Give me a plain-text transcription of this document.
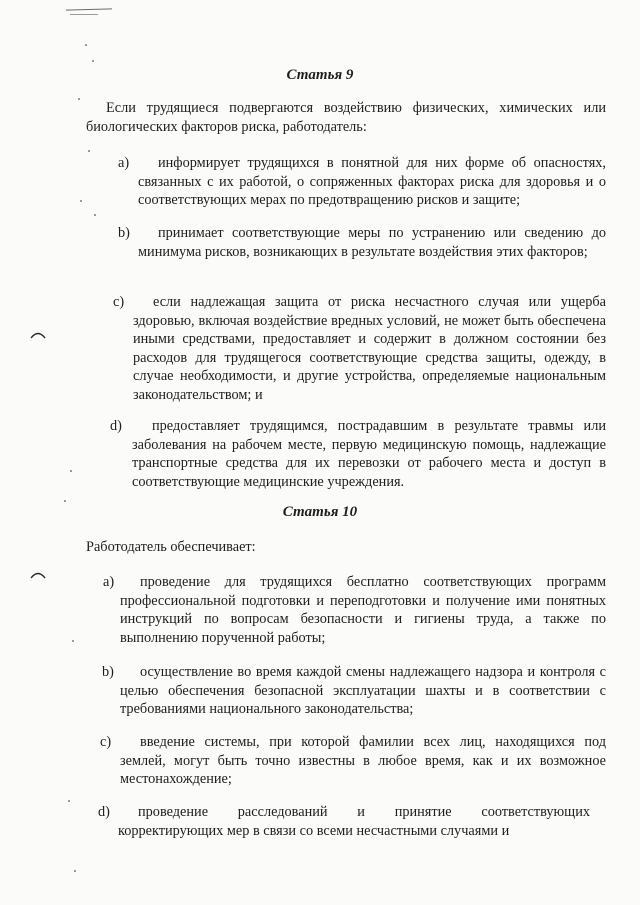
Статья 9

Если трудящиеся подвергаются воздействию физических, химических или биологических факторов риска, работодатель:

a)	информирует трудящихся в понятной для них форме об опасностях, связанных с их работой, о сопряженных факторах риска для здоровья и о соответствующих мерах по предотвращению рисков и защите;

b)	принимает соответствующие меры по устранению или сведению до минимума рисков, возникающих в результате воздействия этих факторов;

c)	если надлежащая защита от риска несчастного случая или ущерба здоровью, включая воздействие вредных условий, не может быть обеспечена иными средствами, предоставляет и содержит в должном состоянии без расходов для трудящегося соответствующие средства защиты, одежду, в случае необходимости, и другие устройства, определяемые национальным законодательством; и

d)	предоставляет трудящимся, пострадавшим в результате травмы или заболевания на рабочем месте, первую медицинскую помощь, надлежащие транспортные средства для их перевозки от рабочего места и доступ в соответствующие медицинские учреждения.

Статья 10

Работодатель обеспечивает:

a)	проведение для трудящихся бесплатно соответствующих программ профессиональной подготовки и переподготовки и получение ими понятных инструкций по вопросам безопасности и гигиены труда, а также по выполнению порученной работы;

b)	осуществление во время каждой смены надлежащего надзора и контроля с целью обеспечения безопасной эксплуатации шахты и в соответствии с требованиями национального законодательства;

c)	введение системы, при которой фамилии всех лиц, находящихся под землей, могут быть точно известны в любое время, как и их возможное местонахождение;

d)	проведение расследований и принятие соответствующих корректирующих мер в связи со всеми несчастными случаями и
